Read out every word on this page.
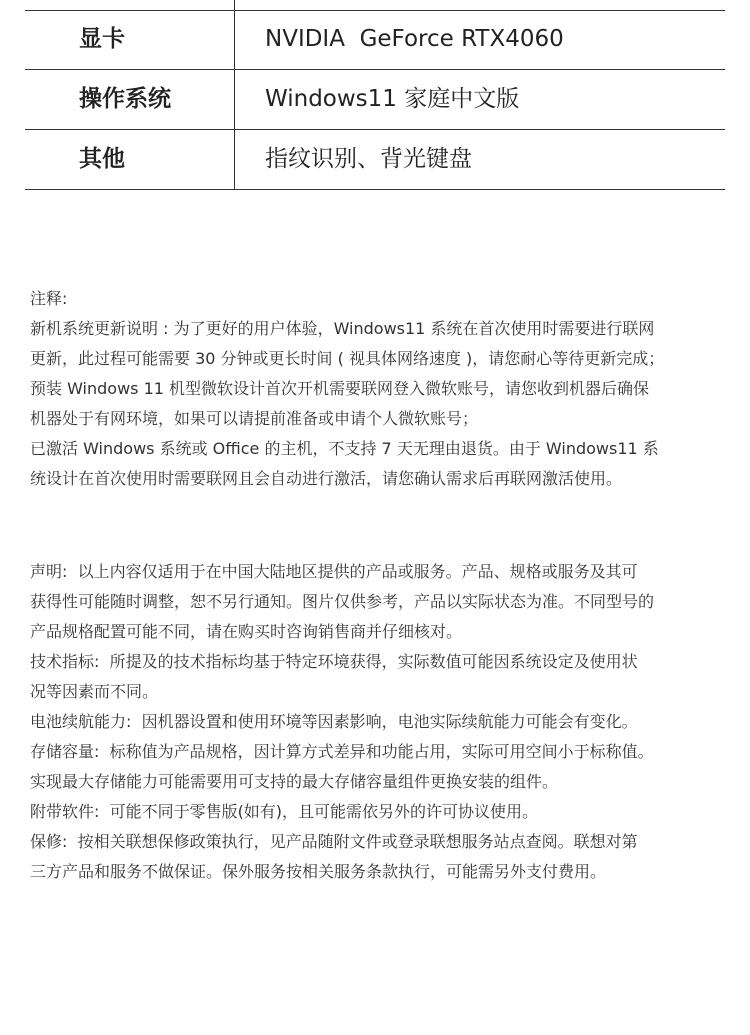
显卡	NVIDIA  GeForce RTX4060
操作系统	Windows11 家庭中文版
其他	指纹识别、背光键盘

注释:

新机系统更新说明 : 为了更好的用户体验，Windows11 系统在首次使用时需要进行联网

更新，此过程可能需要 30 分钟或更长时间 ( 视具体网络速度 )，请您耐心等待更新完成；

预装 Windows 11 机型微软设计首次开机需要联网登入微软账号，请您收到机器后确保

机器处于有网环境，如果可以请提前准备或申请个人微软账号；

已激活 Windows 系统或 Office 的主机，不支持 7 天无理由退货。由于 Windows11 系

统设计在首次使用时需要联网且会自动进行激活，请您确认需求后再联网激活使用。

声明:  以上内容仅适用于在中国大陆地区提供的产品或服务。产品、规格或服务及其可

获得性可能随时调整，恕不另行通知。图片仅供参考，产品以实际状态为准。不同型号的

产品规格配置可能不同，请在购买时咨询销售商并仔细核对。

技术指标:  所提及的技术指标均基于特定环境获得，实际数值可能因系统设定及使用状

况等因素而不同。

电池续航能力:  因机器设置和使用环境等因素影响，电池实际续航能力可能会有变化。

存储容量:  标称值为产品规格，因计算方式差异和功能占用，实际可用空间小于标称值。

实现最大存储能力可能需要用可支持的最大存储容量组件更换安装的组件。

附带软件:  可能不同于零售版(如有)，且可能需依另外的许可协议使用。

保修:  按相关联想保修政策执行，见产品随附文件或登录联想服务站点查阅。联想对第

三方产品和服务不做保证。保外服务按相关服务条款执行，可能需另外支付费用。
